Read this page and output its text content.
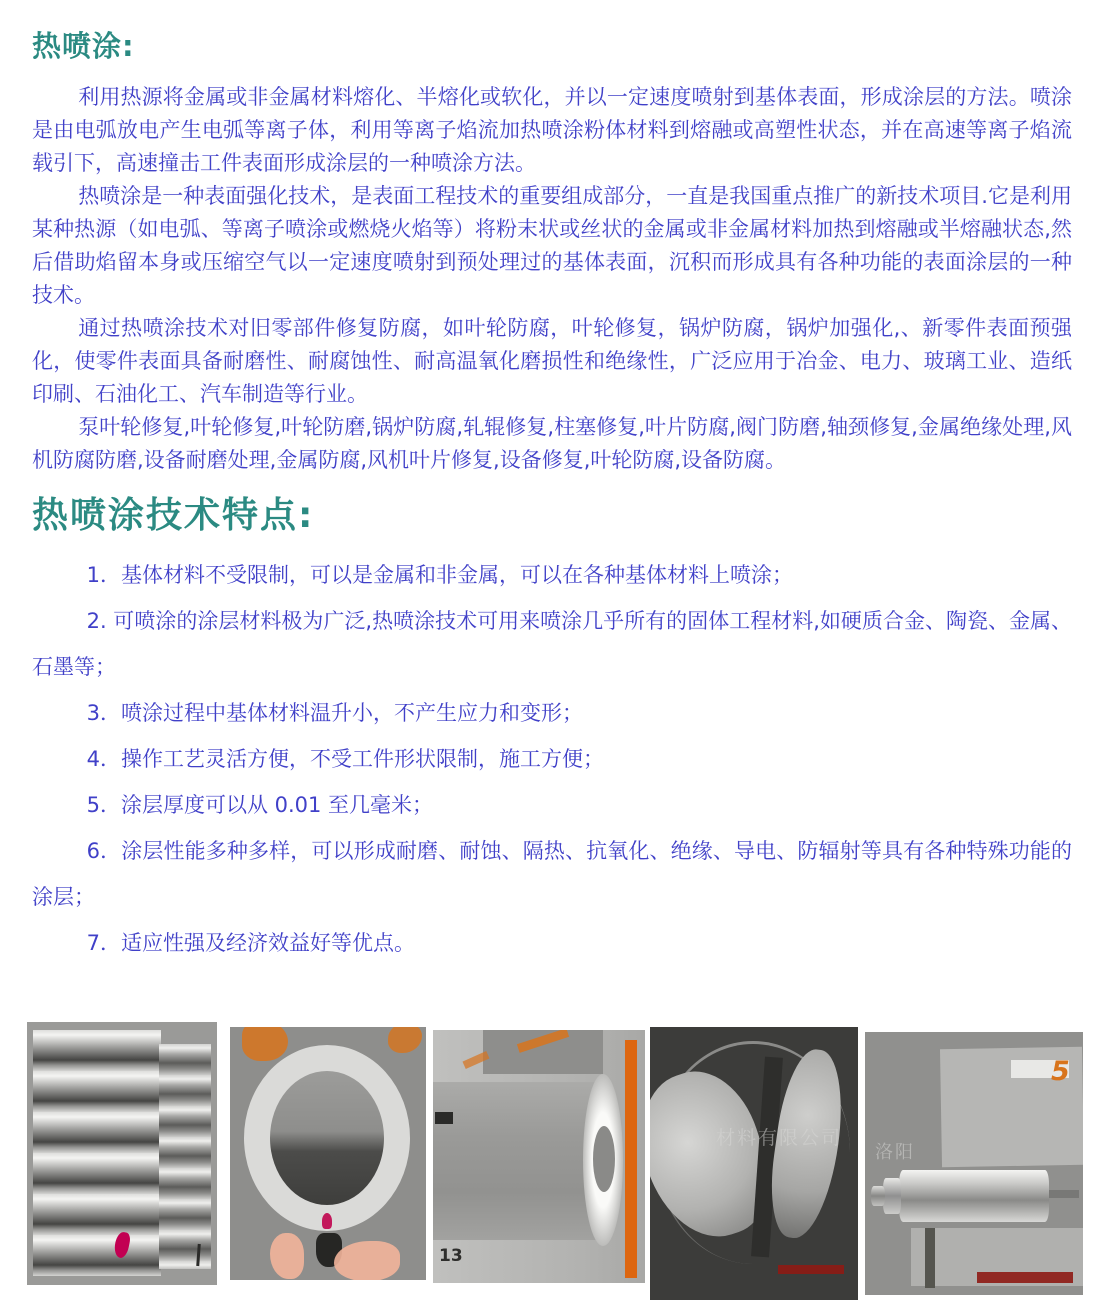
热喷涂:

利用热源将金属或非金属材料熔化、半熔化或软化，并以一定速度喷射到基体表面，形成涂层的方法。喷涂是由电弧放电产生电弧等离子体，利用等离子焰流加热喷涂粉体材料到熔融或高塑性状态，并在高速等离子焰流载引下，高速撞击工件表面形成涂层的一种喷涂方法。

热喷涂是一种表面强化技术，是表面工程技术的重要组成部分，一直是我国重点推广的新技术项目.它是利用某种热源（如电弧、等离子喷涂或燃烧火焰等）将粉末状或丝状的金属或非金属材料加热到熔融或半熔融状态,然后借助焰留本身或压缩空气以一定速度喷射到预处理过的基体表面，沉积而形成具有各种功能的表面涂层的一种技术。

通过热喷涂技术对旧零部件修复防腐，如叶轮防腐，叶轮修复，锅炉防腐，锅炉加强化,、新零件表面预强化，使零件表面具备耐磨性、耐腐蚀性、耐高温氧化磨损性和绝缘性，广泛应用于冶金、电力、玻璃工业、造纸印刷、石油化工、汽车制造等行业。

泵叶轮修复,叶轮修复,叶轮防磨,锅炉防腐,轧辊修复,柱塞修复,叶片防腐,阀门防磨,轴颈修复,金属绝缘处理,风机防腐防磨,设备耐磨处理,金属防腐,风机叶片修复,设备修复,叶轮防腐,设备防腐。

热喷涂技术特点:

1．基体材料不受限制，可以是金属和非金属，可以在各种基体材料上喷涂；

2. 可喷涂的涂层材料极为广泛,热喷涂技术可用来喷涂几乎所有的固体工程材料,如硬质合金、陶瓷、金属、石墨等；

3．喷涂过程中基体材料温升小，不产生应力和变形；

4．操作工艺灵活方便，不受工件形状限制，施工方便；

5．涂层厚度可以从 0.01 至几毫米；

6．涂层性能多种多样，可以形成耐磨、耐蚀、隔热、抗氧化、绝缘、导电、防辐射等具有各种特殊功能的涂层；

7．适应性强及经济效益好等优点。

13
材料有限公司
5
洛阳
